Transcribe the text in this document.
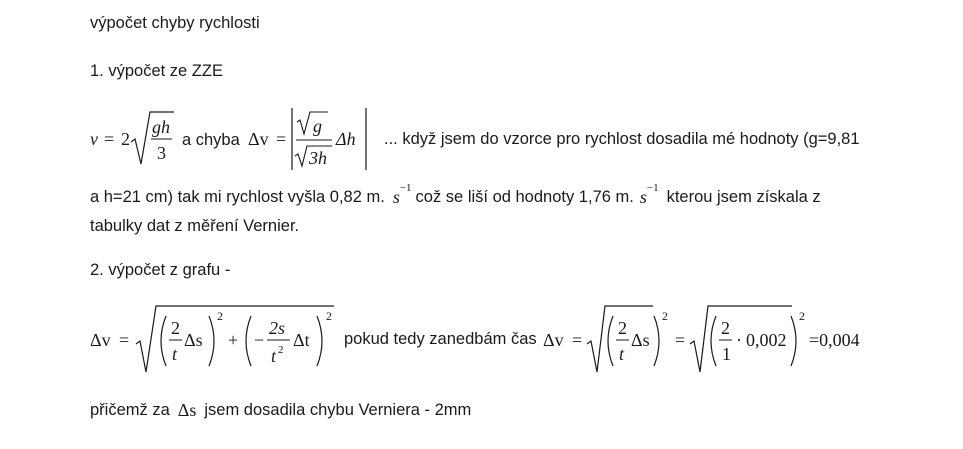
výpočet chyby rychlosti
1. výpočet ze ZZE
v = 2
gh
3
a chyba Δv =
g
3h
Δh ... když jsem do vzorce pro rychlost dosadila mé hodnoty (g=9,81
a h=21 cm) tak mi rychlost vyšla 0,82 m. s −1 což se liší od hodnoty 1,76 m. s −1 kterou jsem získala z
tabulky dat z měření Vernier.
2. výpočet z grafu -
Δv =
2
t
Δs
2
+ −
2s
t 2 Δt
2
pokud tedy zanedbám čas Δv =
2
t
Δs
2
=
2
1
· 0,002
2
=0,004
přičemž za Δs jsem dosadila chybu Verniera - 2mm
